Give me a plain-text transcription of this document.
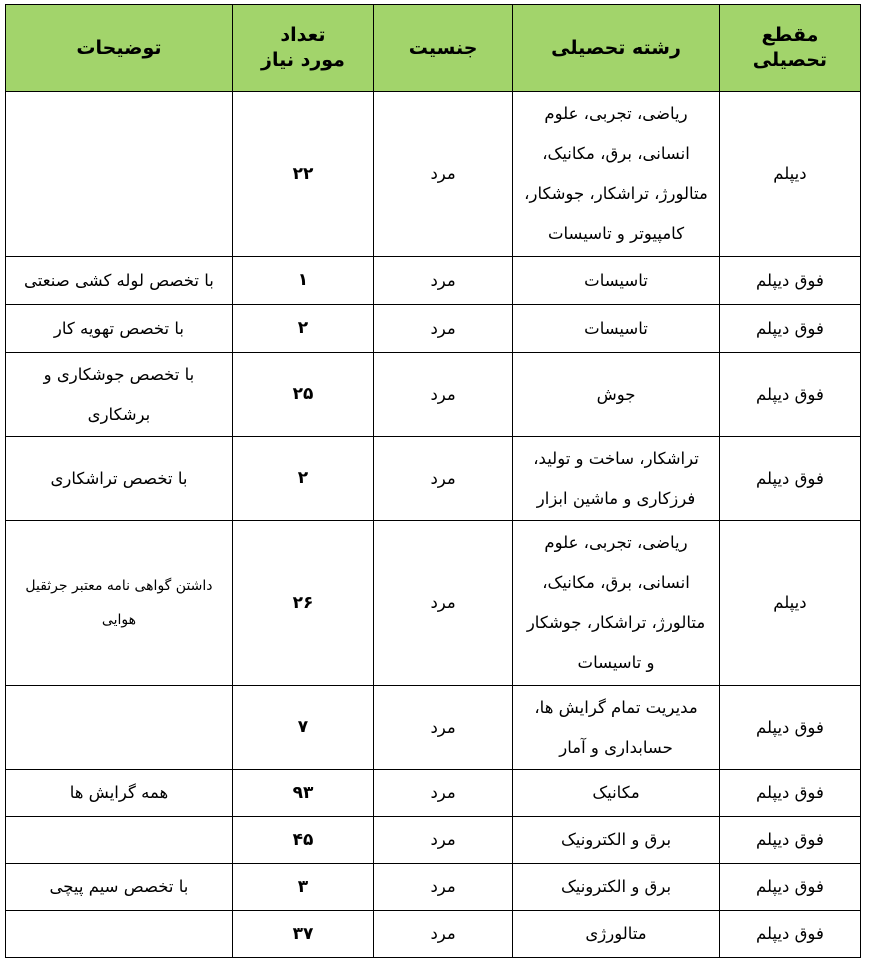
مقطع تحصیلی	رشته تحصیلی	جنسیت	تعداد مورد نیاز	توضیحات
دیپلم	ریاضی، تجربی، علوم انسانی، برق، مکانیک، متالورژ، تراشکار، جوشکار، کامپیوتر و تاسیسات	مرد	۲۲	
فوق دیپلم	تاسیسات	مرد	۱	با تخصص لوله کشی صنعتی
فوق دیپلم	تاسیسات	مرد	۲	با تخصص تهویه کار
فوق دیپلم	جوش	مرد	۲۵	با تخصص جوشکاری و برشکاری
فوق دیپلم	تراشکار، ساخت و تولید، فرزکاری و ماشین ابزار	مرد	۲	با تخصص تراشکاری
دیپلم	ریاضی، تجربی، علوم انسانی، برق، مکانیک، متالورژ، تراشکار، جوشکار و تاسیسات	مرد	۲۶	داشتن گواهی نامه معتبر جرثقیل هوایی
فوق دیپلم	مدیریت تمام گرایش ها، حسابداری و آمار	مرد	۷	
فوق دیپلم	مکانیک	مرد	۹۳	همه گرایش ها
فوق دیپلم	برق و الکترونیک	مرد	۴۵	
فوق دیپلم	برق و الکترونیک	مرد	۳	با تخصص سیم پیچی
فوق دیپلم	متالورژی	مرد	۳۷	
